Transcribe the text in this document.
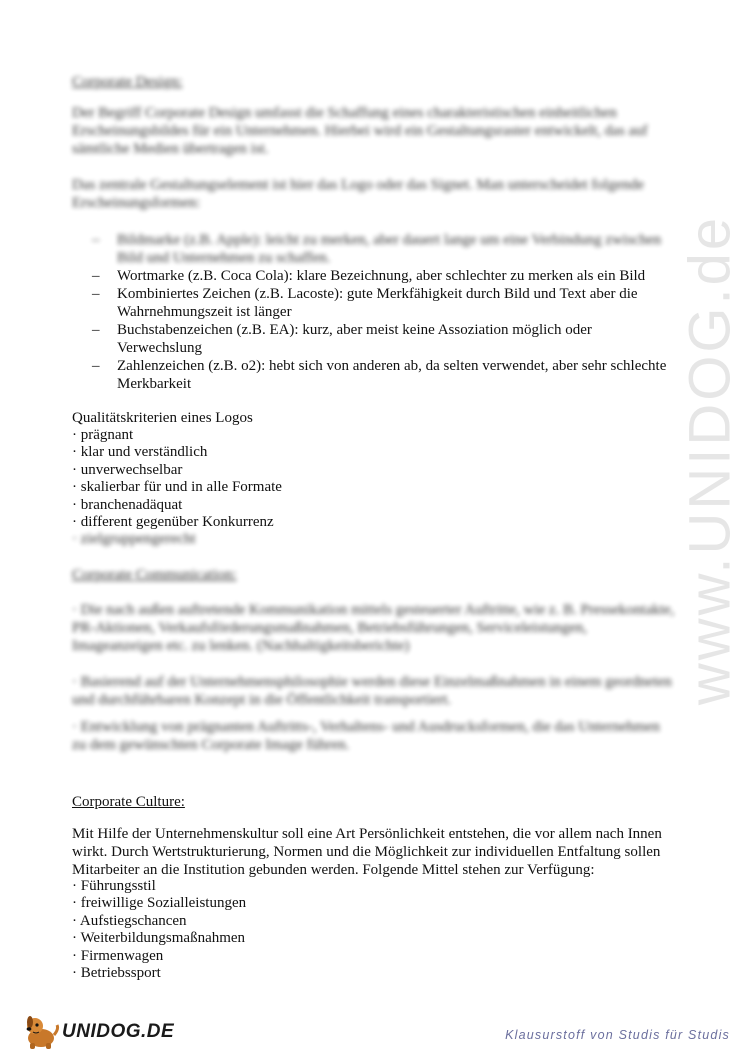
www.UNIDOG.de
Corporate Design:
Der Begriff Corporate Design umfasst die Schaffung eines charakteristischen einheitlichen Erscheinungsbildes für ein Unternehmen. Hierbei wird ein Gestaltungsraster entwickelt, das auf sämtliche Medien übertragen ist.
Das zentrale Gestaltungselement ist hier das Logo oder das Signet. Man unterscheidet folgende Erscheinungsformen:
– Bildmarke (z.B. Apple): leicht zu merken, aber dauert lange um eine Verbindung zwischen Bild und Unternehmen zu schaffen.
– Wortmarke (z.B. Coca Cola): klare Bezeichnung, aber schlechter zu merken als ein Bild
– Kombiniertes Zeichen (z.B. Lacoste): gute Merkfähigkeit durch Bild und Text aber die Wahrnehmungszeit ist länger
– Buchstabenzeichen (z.B. EA): kurz, aber meist keine Assoziation möglich oder Verwechslung
– Zahlenzeichen (z.B. o2): hebt sich von anderen ab, da selten verwendet, aber sehr schlechte Merkbarkeit
Qualitätskriterien eines Logos
· prägnant
· klar und verständlich
· unverwechselbar
· skalierbar für und in alle Formate
· branchenadäquat
· different gegenüber Konkurrenz
· zielgruppengerecht
Corporate Communication:
· Die nach außen auftretende Kommunikation mittels gesteuerter Auftritte, wie z. B. Pressekontakte, PR-Aktionen, Verkaufsförderungsmaßnahmen, Betriebsführungen, Serviceleistungen, Imageanzeigen etc. zu lenken. (Nachhaltigkeitsberichte)
· Basierend auf der Unternehmensphilosophie werden diese Einzelmaßnahmen in einem geordneten und durchführbaren Konzept in die Öffentlichkeit transportiert.
· Entwicklung von prägnanten Auftritts-, Verhaltens- und Ausdrucksformen, die das Unternehmen zu dem gewünschten Corporate Image führen.
Corporate Culture:
Mit Hilfe der Unternehmenskultur soll eine Art Persönlichkeit entstehen, die vor allem nach Innen wirkt. Durch Wertstrukturierung, Normen und die Möglichkeit zur individuellen Entfaltung sollen Mitarbeiter an die Institution gebunden werden. Folgende Mittel stehen zur Verfügung:
· Führungsstil
· freiwillige Sozialleistungen
· Aufstiegschancen
· Weiterbildungsmaßnahmen
· Firmenwagen
· Betriebssport
UNIDOG.DE	Klausurstoff von Studis für Studis
